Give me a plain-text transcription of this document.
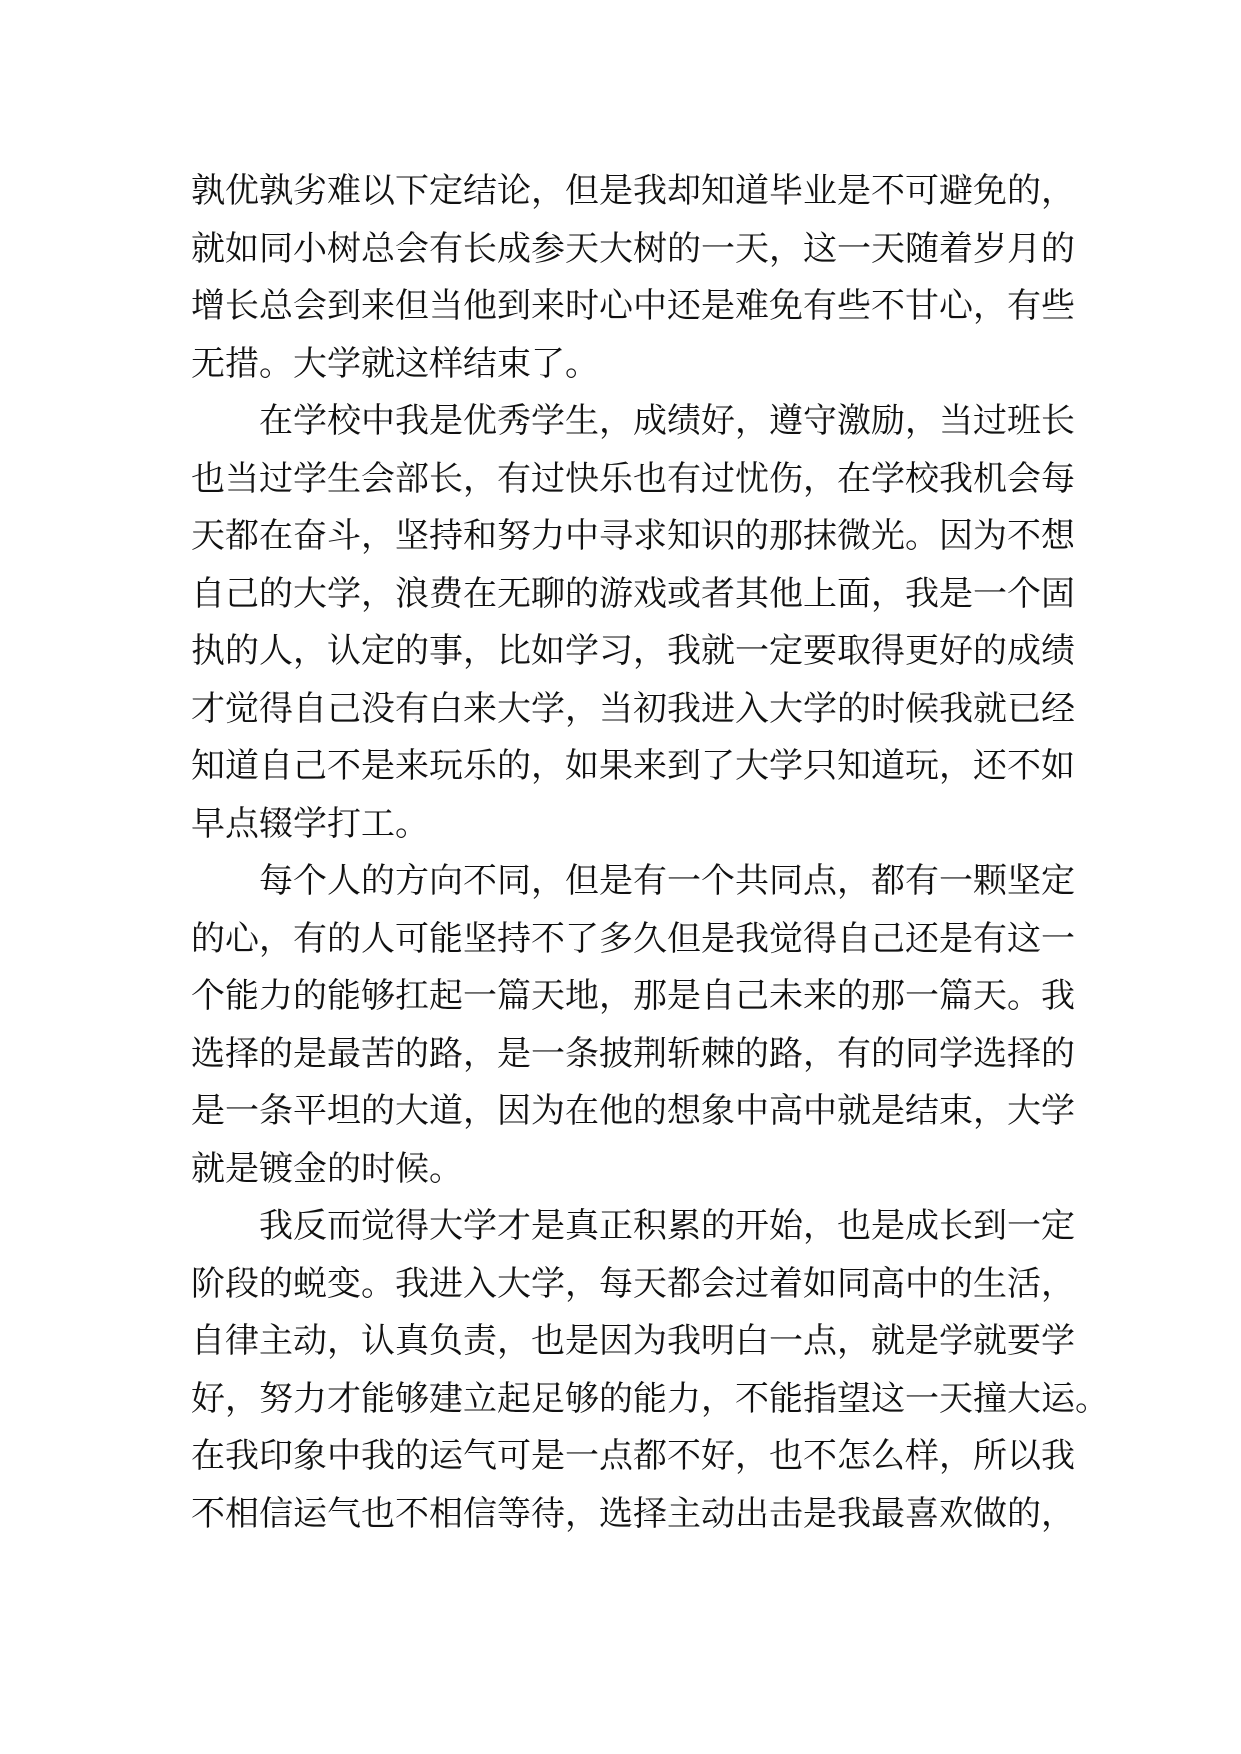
孰优孰劣难以下定结论，但是我却知道毕业是不可避免的，
就如同小树总会有长成参天大树的一天，这一天随着岁月的
增长总会到来但当他到来时心中还是难免有些不甘心，有些
无措。大学就这样结束了。
在学校中我是优秀学生，成绩好，遵守激励，当过班长
也当过学生会部长，有过快乐也有过忧伤，在学校我机会每
天都在奋斗，坚持和努力中寻求知识的那抹微光。因为不想
自己的大学，浪费在无聊的游戏或者其他上面，我是一个固
执的人，认定的事，比如学习，我就一定要取得更好的成绩
才觉得自己没有白来大学，当初我进入大学的时候我就已经
知道自己不是来玩乐的，如果来到了大学只知道玩，还不如
早点辍学打工。
每个人的方向不同，但是有一个共同点，都有一颗坚定
的心，有的人可能坚持不了多久但是我觉得自己还是有这一
个能力的能够扛起一篇天地，那是自己未来的那一篇天。我
选择的是最苦的路，是一条披荆斩棘的路，有的同学选择的
是一条平坦的大道，因为在他的想象中高中就是结束，大学
就是镀金的时候。
我反而觉得大学才是真正积累的开始，也是成长到一定
阶段的蜕变。我进入大学，每天都会过着如同高中的生活，
自律主动，认真负责，也是因为我明白一点，就是学就要学
好，努力才能够建立起足够的能力，不能指望这一天撞大运。
在我印象中我的运气可是一点都不好，也不怎么样，所以我
不相信运气也不相信等待，选择主动出击是我最喜欢做的，
